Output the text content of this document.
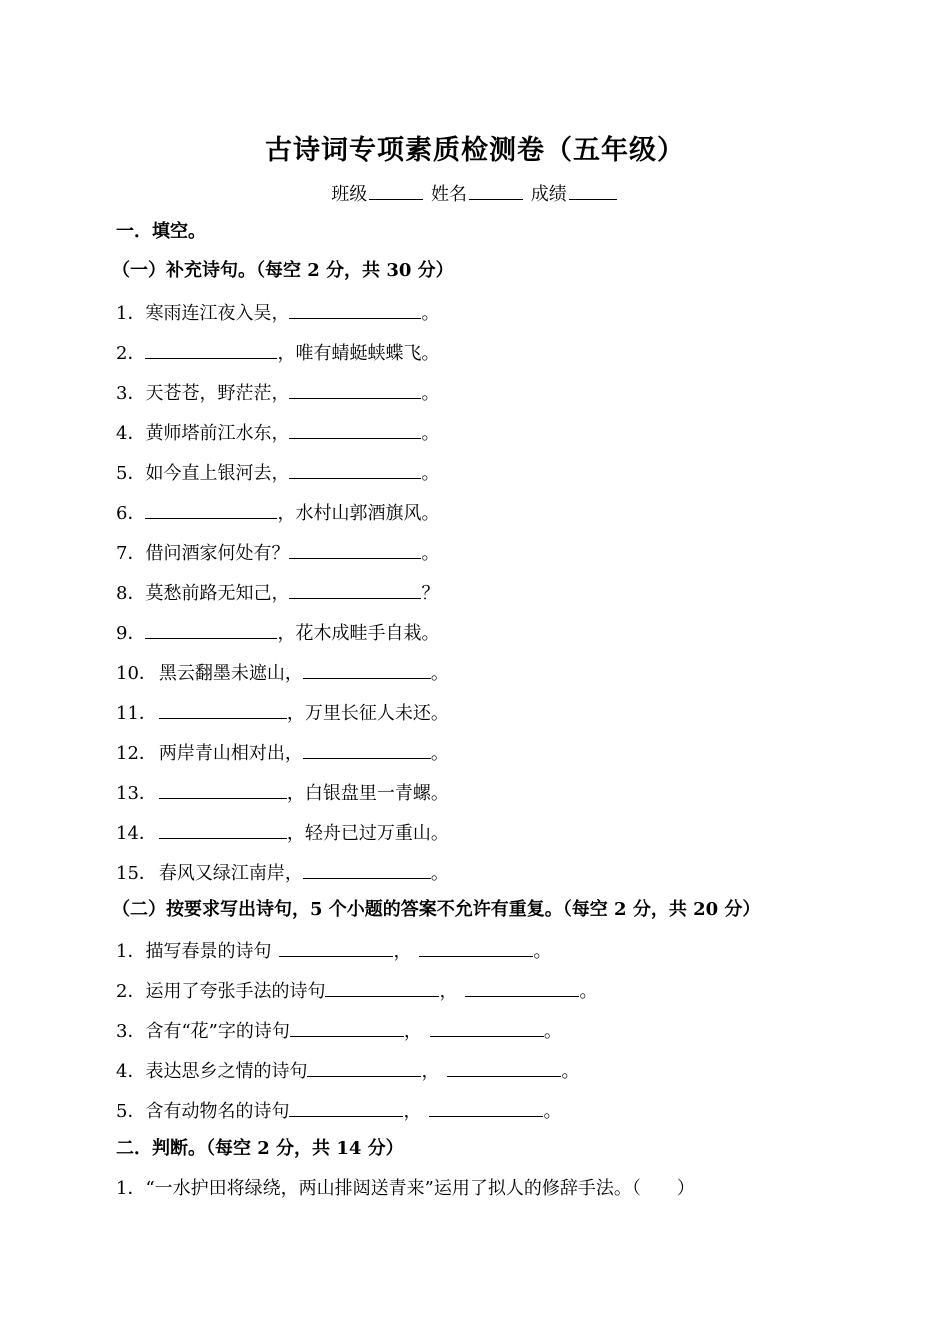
古诗词专项素质检测卷（五年级）
班级	姓名	成绩
一．填空。
（一）补充诗句。（每空 2 分，共 30 分）
1．寒雨连江夜入吴，	。
2．	，唯有蜻蜓蛱蝶飞。
3．天苍苍，野茫茫，	。
4．黄师塔前江水东，	。
5．如今直上银河去，	。
6．	，水村山郭酒旗风。
7．借问酒家何处有？	。
8．莫愁前路无知己，	？
9．	，花木成畦手自栽。
10． 黑云翻墨未遮山，	。
11．	，万里长征人未还。
12． 两岸青山相对出，	。
13．	，白银盘里一青螺。
14．	，轻舟已过万重山。
15． 春风又绿江南岸，	。
（二）按要求写出诗句，5 个小题的答案不允许有重复。（每空 2 分，共 20 分）
1．描写春景的诗句	，	。
2．运用了夸张手法的诗句	，	。
3．含有“花”字的诗句	，	。
4．表达思乡之情的诗句	，	。
5．含有动物名的诗句	，	。
二．判断。（每空 2 分，共 14 分）
1．“一水护田将绿绕，两山排闼送青来”运用了拟人的修辞手法。（　　）
